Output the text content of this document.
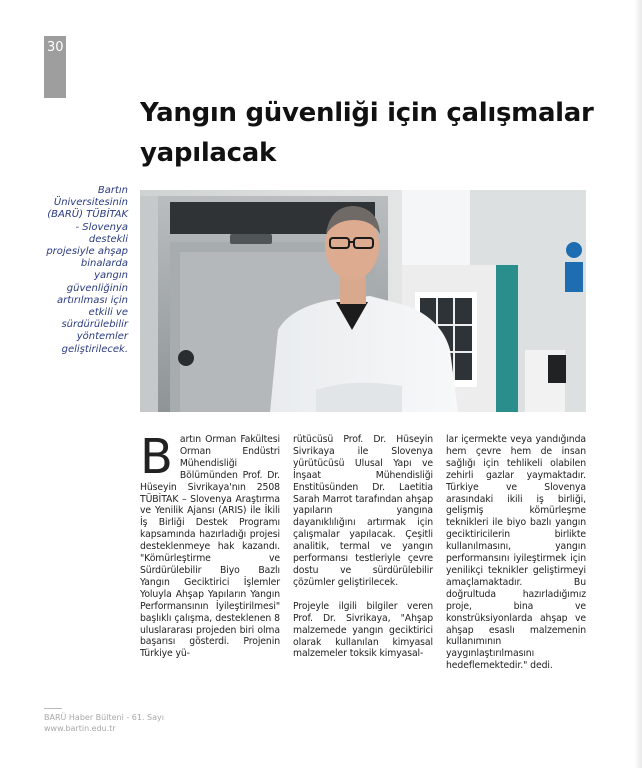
30
Yangın güvenliği için çalışmalar yapılacak
Bartın Üniversitesinin (BARÜ) TÜBİTAK - Slovenya destekli projesiyle ahşap binalarda yangın güvenliğinin artırılması için etkili ve sürdürülebilir yöntemler geliştirilecek.

Bartın Orman Fakültesi Orman Endüstri Mühendisliği Bölümünden Prof. Dr. Hüseyin Sivrikaya'nın 2508 TÜBİTAK – Slovenya Araştırma ve Yenilik Ajansı (ARIS) ile İkili İş Birliği Destek Programı kapsamında hazırladığı projesi desteklenmeye hak kazandı. "Kömürleştirme ve Sürdürülebilir Biyo Bazlı Yangın Geciktirici İşlemler Yoluyla Ahşap Yapıların Yangın Performansının İyileştirilmesi" başlıklı çalışma, desteklenen 8 uluslararası projeden biri olma başarısı gösterdi. Projenin Türkiye yü-

rütücüsü Prof. Dr. Hüseyin Sivrikaya ile Slovenya yürütücüsü Ulusal Yapı ve İnşaat Mühendisliği Enstitüsünden Dr. Laetitia Sarah Marrot tarafından ahşap yapıların yangına dayanıklılığını artırmak için çalışmalar yapılacak. Çeşitli analitik, termal ve yangın performansı testleriyle çevre dostu ve sürdürülebilir çözümler geliştirilecek.

Projeyle ilgili bilgiler veren Prof. Dr. Sivrikaya, "Ahşap malzemede yangın geciktirici olarak kullanılan kimyasal malzemeler toksik kimyasal-

lar içermekte veya yandığında hem çevre hem de insan sağlığı için tehlikeli olabilen zehirli gazlar yaymaktadır. Türkiye ve Slovenya arasındaki ikili iş birliği, gelişmiş kömürleşme teknikleri ile biyo bazlı yangın geciktiricilerin birlikte kullanılmasını, yangın performansını iyileştirmek için yenilikçi teknikler geliştirmeyi amaçlamaktadır. Bu doğrultuda hazırladığımız proje, bina ve konstrüksiyonlarda ahşap ve ahşap esaslı malzemenin kullanımının yaygınlaştırılmasını hedeflemektedir." dedi.

BARÜ Haber Bülteni - 61. Sayı
www.bartin.edu.tr
